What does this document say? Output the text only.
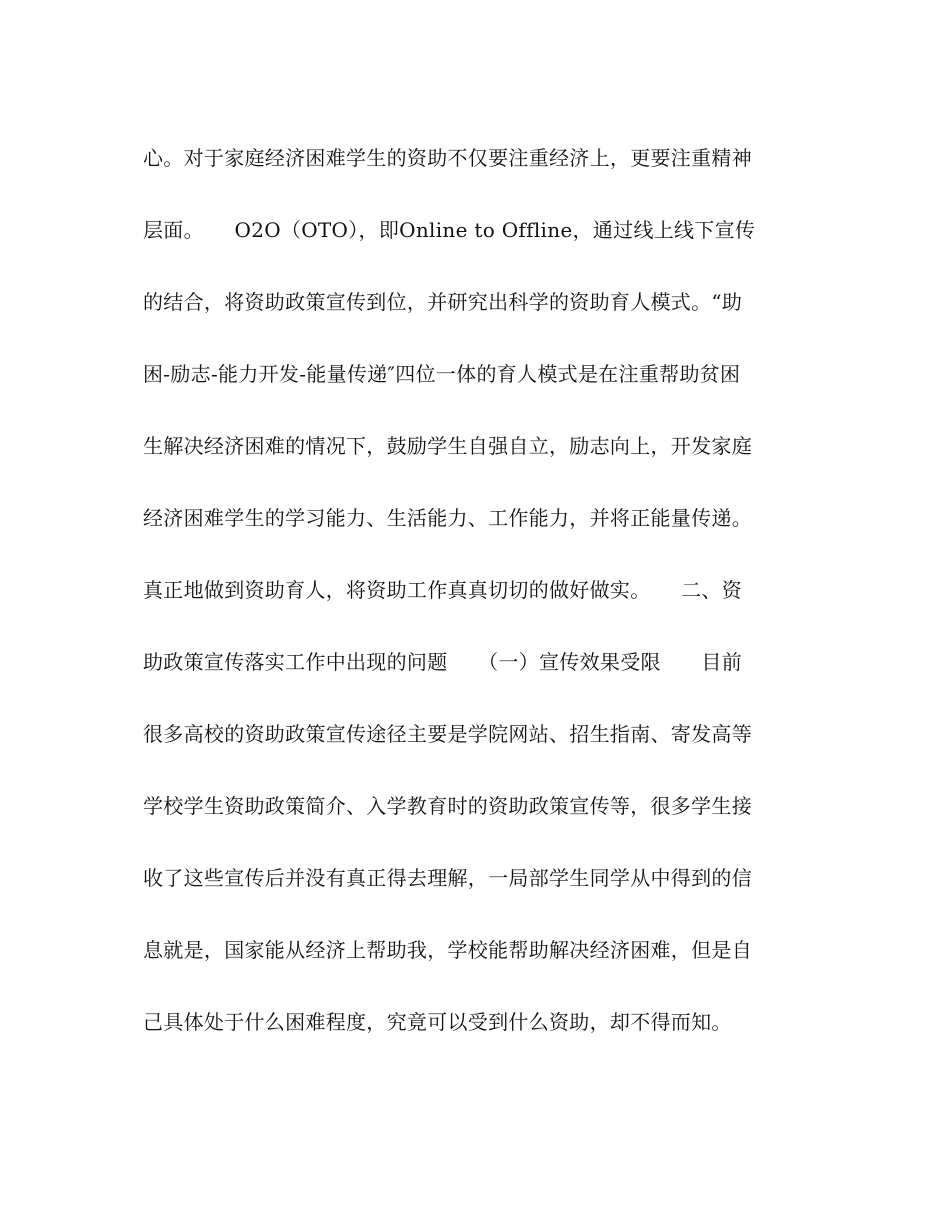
心。对于家庭经济困难学生的资助不仅要注重经济上，更要注重精神
层面。　　O2O（OTO），即Online to Offline，通过线上线下宣传
的结合，将资助政策宣传到位，并研究出科学的资助育人模式。“助
困-励志-能力开发-能量传递″四位一体的育人模式是在注重帮助贫困
生解决经济困难的情况下，鼓励学生自强自立，励志向上，开发家庭
经济困难学生的学习能力、生活能力、工作能力，并将正能量传递。
真正地做到资助育人，将资助工作真真切切的做好做实。　　二、资
助政策宣传落实工作中出现的问题　　（一）宣传效果受限　　目前
很多高校的资助政策宣传途径主要是学院网站、招生指南、寄发高等
学校学生资助政策简介、入学教育时的资助政策宣传等，很多学生接
收了这些宣传后并没有真正得去理解，一局部学生同学从中得到的信
息就是，国家能从经济上帮助我，学校能帮助解决经济困难，但是自
己具体处于什么困难程度，究竟可以受到什么资助，却不得而知。
